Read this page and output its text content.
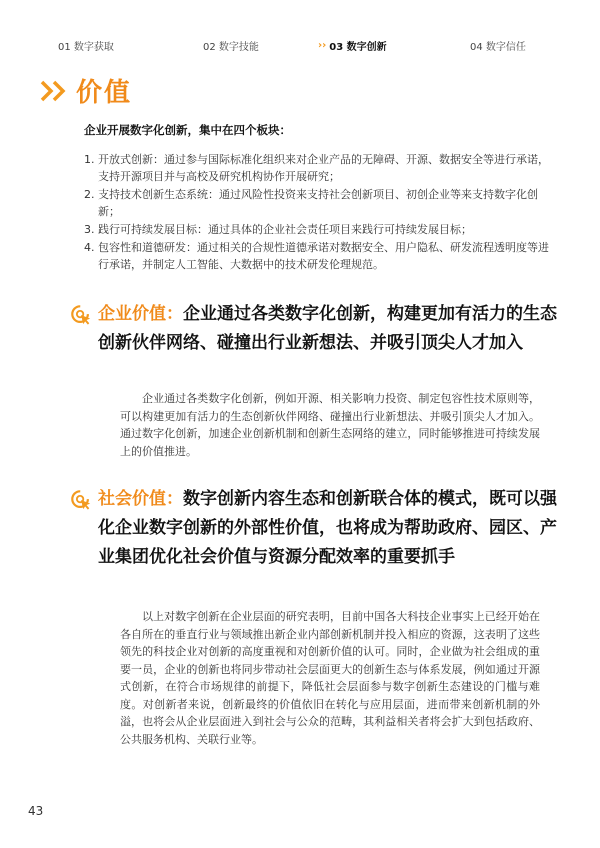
01 数字获取	02 数字技能	›› 03 数字创新	04 数字信任
价值
企业开展数字化创新，集中在四个板块：
1. 开放式创新：通过参与国际标准化组织来对企业产品的无障碍、开源、数据安全等进行承诺，支持开源项目并与高校及研究机构协作开展研究；
2. 支持技术创新生态系统：通过风险性投资来支持社会创新项目、初创企业等来支持数字化创新；
3. 践行可持续发展目标：通过具体的企业社会责任项目来践行可持续发展目标；
4. 包容性和道德研发：通过相关的合规性道德承诺对数据安全、用户隐私、研发流程透明度等进行承诺，并制定人工智能、大数据中的技术研发伦理规范。
企业价值：企业通过各类数字化创新，构建更加有活力的生态创新伙伴网络、碰撞出行业新想法、并吸引顶尖人才加入
企业通过各类数字化创新，例如开源、相关影响力投资、制定包容性技术原则等，可以构建更加有活力的生态创新伙伴网络、碰撞出行业新想法、并吸引顶尖人才加入。通过数字化创新，加速企业创新机制和创新生态网络的建立，同时能够推进可持续发展上的价值推进。
社会价值：数字创新内容生态和创新联合体的模式，既可以强化企业数字创新的外部性价值，也将成为帮助政府、园区、产业集团优化社会价值与资源分配效率的重要抓手
以上对数字创新在企业层面的研究表明，目前中国各大科技企业事实上已经开始在各自所在的垂直行业与领域推出新企业内部创新机制并投入相应的资源，这表明了这些领先的科技企业对创新的高度重视和对创新价值的认可。同时，企业做为社会组成的重要一员，企业的创新也将同步带动社会层面更大的创新生态与体系发展，例如通过开源式创新，在符合市场规律的前提下，降低社会层面参与数字创新生态建设的门槛与难度。对创新者来说，创新最终的价值依旧在转化与应用层面，进而带来创新机制的外溢，也将会从企业层面进入到社会与公众的范畴，其利益相关者将会扩大到包括政府、公共服务机构、关联行业等。
43
